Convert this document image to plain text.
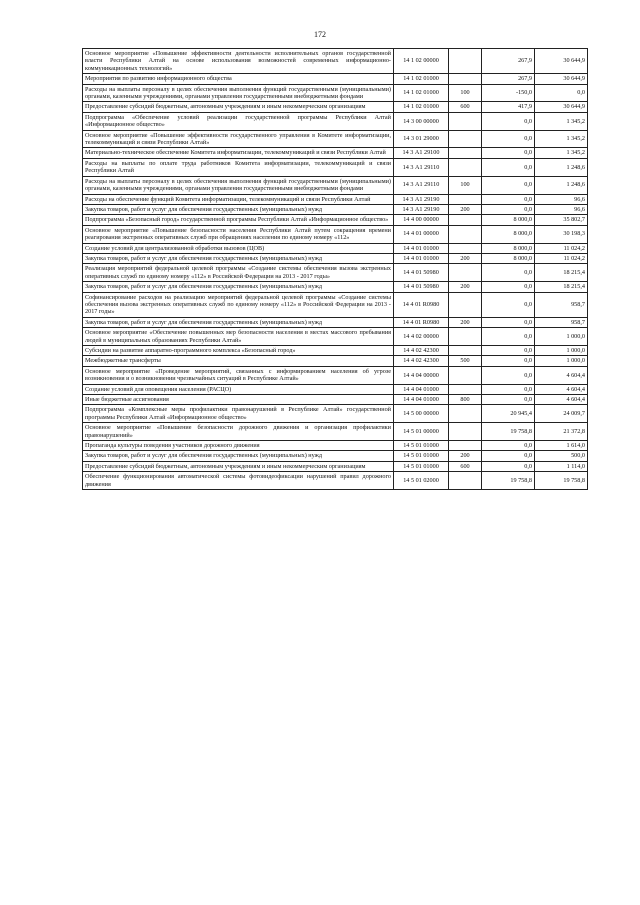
172
Основное мероприятие «Повышение эффективности деятельности исполнительных органов государственной власти Республики Алтай на основе использования возможностей современных информационно-коммуникационных технологий»	14 1 02 00000		267,9	30 644,9
Мероприятия по развитию информационного общества	14 1 02 01000		267,9	30 644,9
Расходы на выплаты персоналу в целях обеспечения выполнения функций государственными (муниципальными) органами, казенными учреждениями, органами управления государственными внебюджетными фондами	14 1 02 01000	100	-150,0	0,0
Предоставление субсидий бюджетным, автономным учреждениям и иным некоммерческим организациям	14 1 02 01000	600	417,9	30 644,9
Подпрограмма «Обеспечение условий реализации государственной программы Республики Алтай «Информационное общество»	14 3 00 00000		0,0	1 345,2
Основное мероприятие «Повышение эффективности государственного управления в Комитете информатизации, телекоммуникаций и связи Республики Алтай»	14 3 01 29000		0,0	1 345,2
Материально-техническое обеспечение Комитета информатизации, телекоммуникаций и связи Республики Алтай	14 3 А1 29100		0,0	1 345,2
Расходы на выплаты по оплате труда работников Комитета информатизации, телекоммуникаций и связи Республики Алтай	14 3 А1 29110		0,0	1 248,6
Расходы на выплаты персоналу в целях обеспечения выполнения функций государственными (муниципальными) органами, казенными учреждениями, органами управления государственными внебюджетными фондами	14 3 А1 29110	100	0,0	1 248,6
Расходы на обеспечение функций Комитета информатизации, телекоммуникаций и связи Республики Алтай	14 3 А1 29190		0,0	96,6
Закупка товаров, работ и услуг для обеспечения государственных (муниципальных) нужд	14 3 А1 29190	200	0,0	96,6
Подпрограмма «Безопасный город» государственной программы Республики Алтай «Информационное общество»	14 4 00 00000		8 000,0	35 802,7
Основное мероприятие «Повышение безопасности населения Республики Алтай путем сокращения времени реагирования экстренных оперативных служб при обращениях населения по единому номеру «112»	14 4 01 00000		8 000,0	30 198,3
Создание условий для централизованной обработки вызовов (ЦОВ)	14 4 01 01000		8 000,0	11 024,2
Закупка товаров, работ и услуг для обеспечения государственных (муниципальных) нужд	14 4 01 01000	200	8 000,0	11 024,2
Реализация мероприятий федеральной целевой программы «Создание системы обеспечения вызова экстренных оперативных служб по единому номеру «112» в Российской Федерации на 2013 - 2017 годы»	14 4 01 50980		0,0	18 215,4
Закупка товаров, работ и услуг для обеспечения государственных (муниципальных) нужд	14 4 01 50980	200	0,0	18 215,4
Софинансирование расходов на реализацию мероприятий федеральной целевой программы «Создание системы обеспечения вызова экстренных оперативных служб по единому номеру «112» в Российской Федерации на 2013 - 2017 годы»	14 4 01 R0980		0,0	958,7
Закупка товаров, работ и услуг для обеспечения государственных (муниципальных) нужд	14 4 01 R0980	200	0,0	958,7
Основное мероприятие «Обеспечение повышенных мер безопасности населения в местах массового пребывания людей в муниципальных образованиях Республики Алтай»	14 4 02 00000		0,0	1 000,0
Субсидии на развитие аппаратно-программного комплекса «Безопасный город»	14 4 02 42300		0,0	1 000,0
Межбюджетные трансферты	14 4 02 42300	500	0,0	1 000,0
Основное мероприятие «Проведение мероприятий, связанных с информированием населения об угрозе возникновения и о возникновении чрезвычайных ситуаций в Республике Алтай»	14 4 04 00000		0,0	4 604,4
Создание условий для оповещения населения (РАСЦО)	14 4 04 01000		0,0	4 604,4
Иные бюджетные ассигнования	14 4 04 01000	800	0,0	4 604,4
Подпрограмма «Комплексные меры профилактики правонарушений в Республике Алтай» государственной программы Республики Алтай «Информационное общество»	14 5 00 00000		20 945,4	24 009,7
Основное мероприятие «Повышение безопасности дорожного движения и организация профилактики правонарушений»	14 5 01 00000		19 758,8	21 372,8
Пропаганда культуры поведения участников дорожного движения	14 5 01 01000		0,0	1 614,0
Закупка товаров, работ и услуг для обеспечения государственных (муниципальных) нужд	14 5 01 01000	200	0,0	500,0
Предоставление субсидий бюджетным, автономным учреждениям и иным некоммерческим организациям	14 5 01 01000	600	0,0	1 114,0
Обеспечение функционирования автоматической системы фотовидеофиксации нарушений правил дорожного движения	14 5 01 02000		19 758,8	19 758,8
